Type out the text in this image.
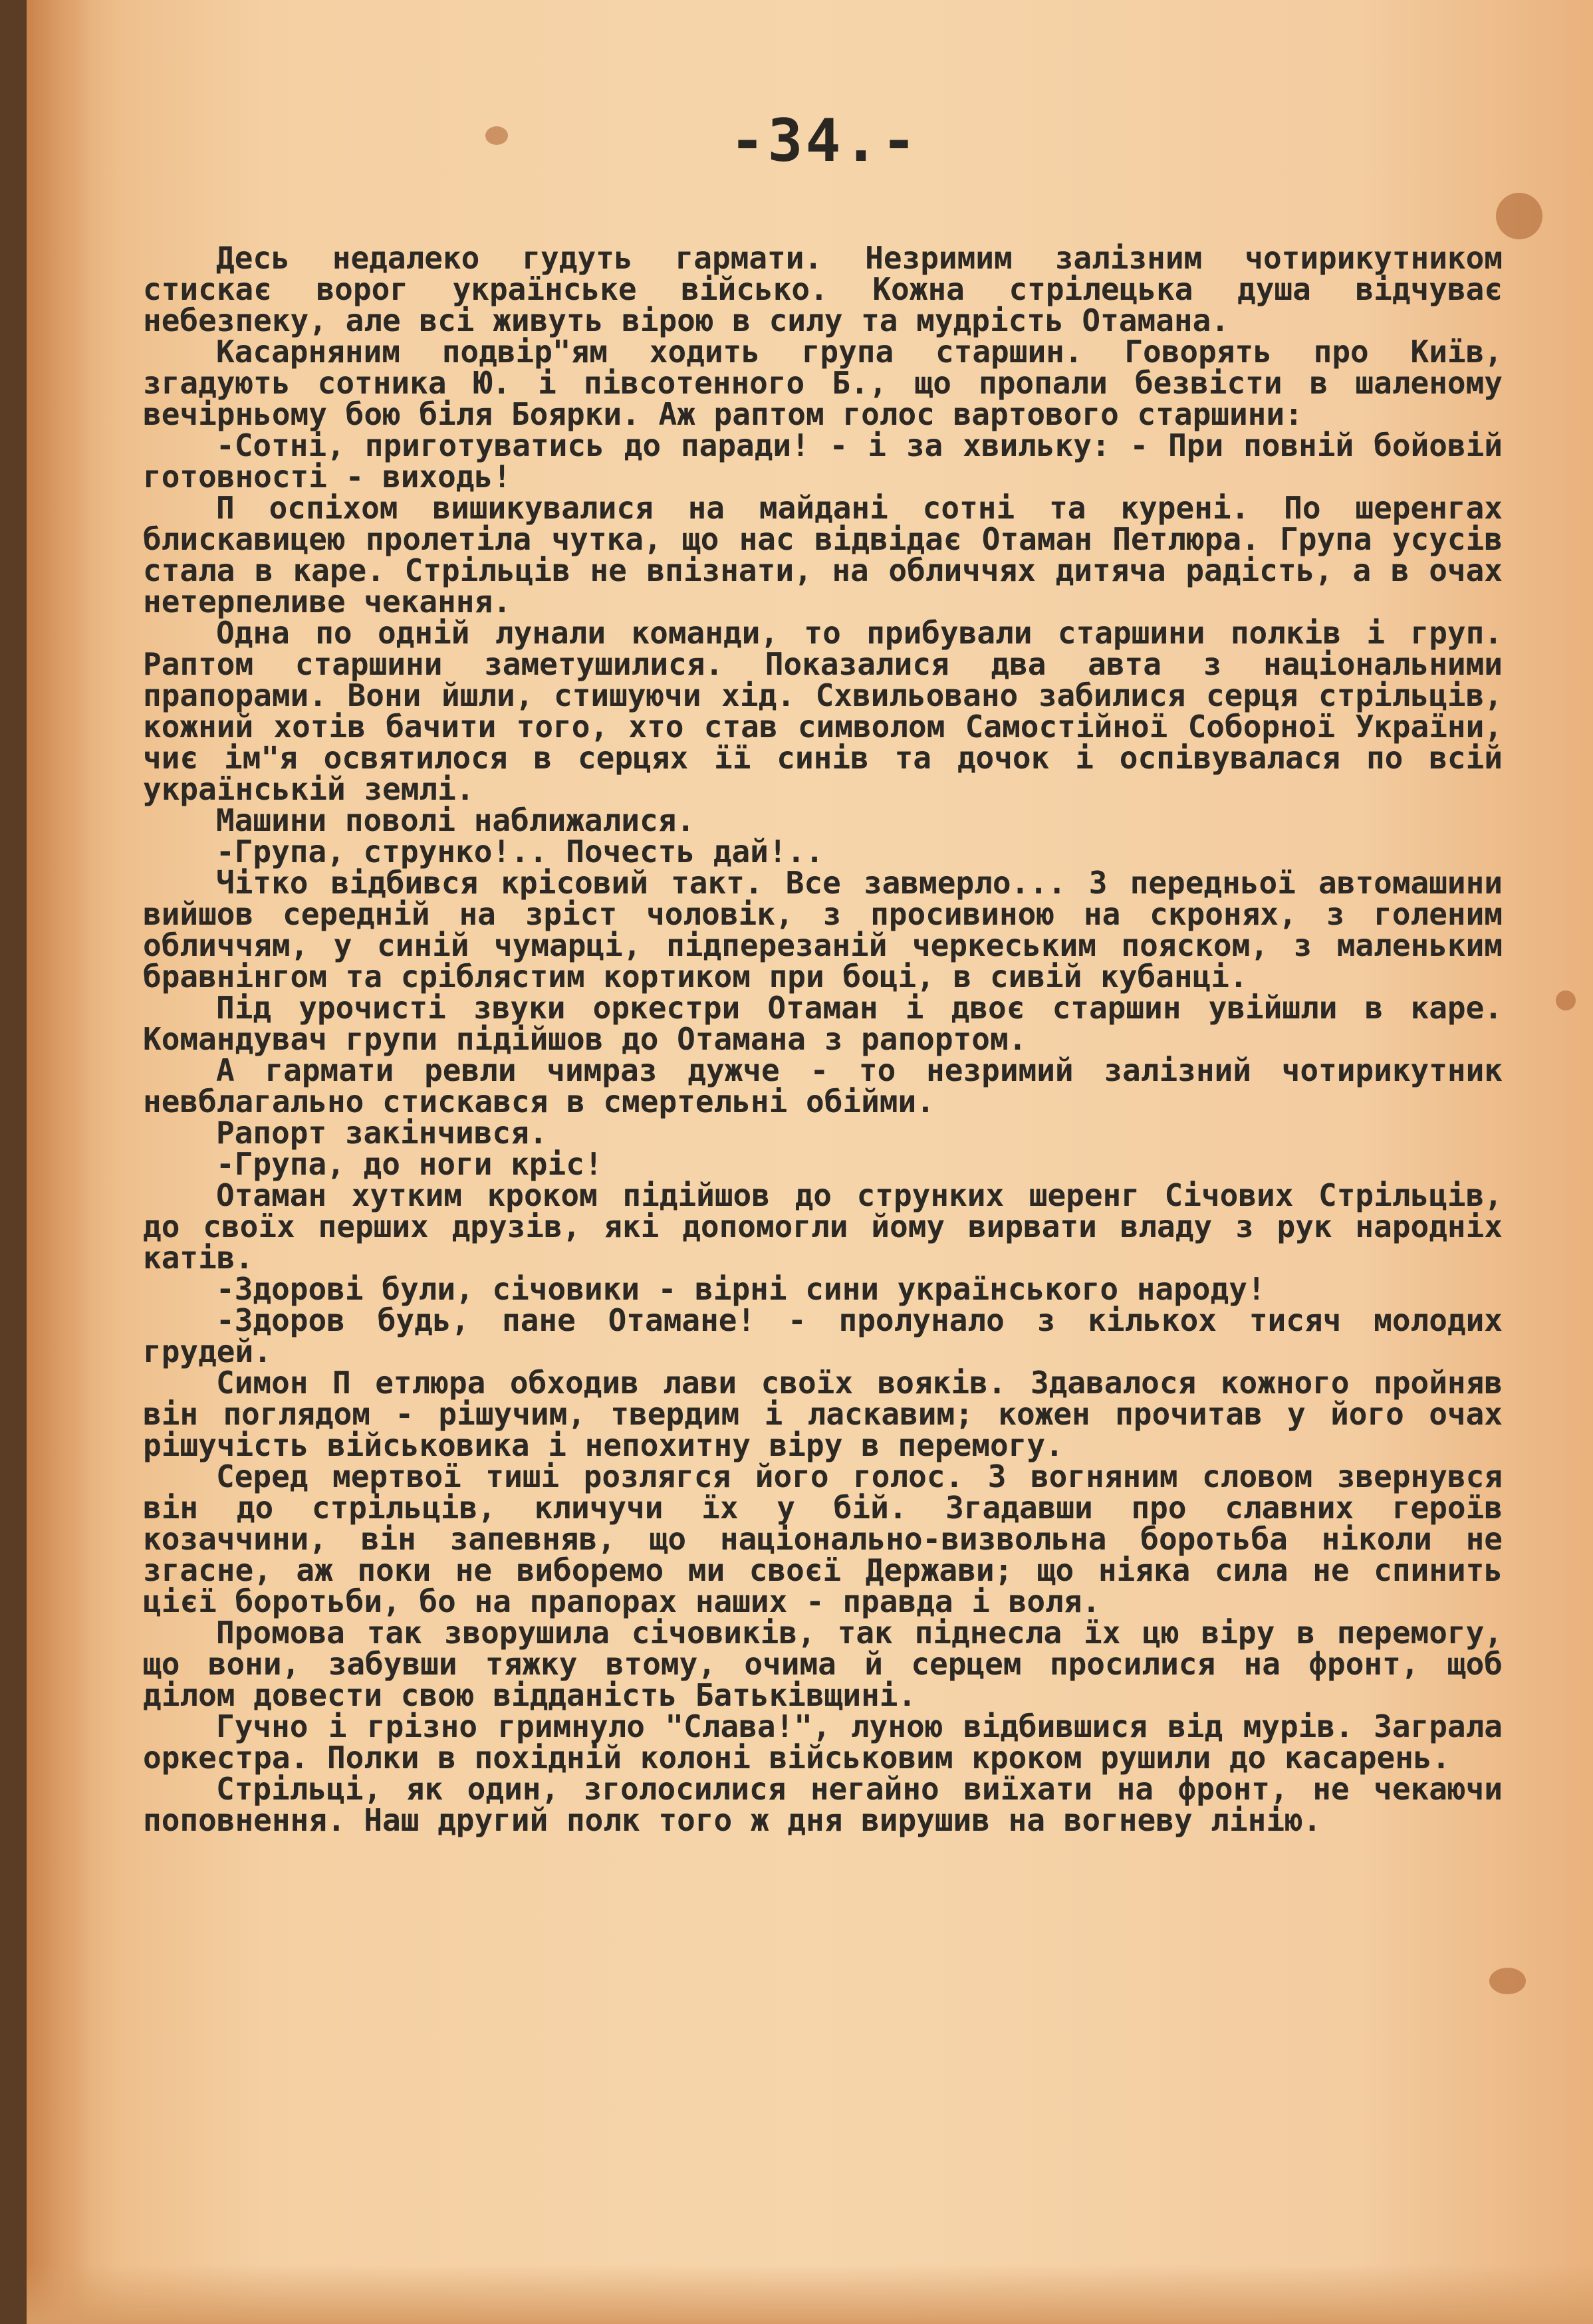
-34.-

Десь недалеко гудуть гармати. Незримим залізним чотирикутником стискає ворог українське військо. Кожна стрілецька душа відчуває небезпеку, але всі живуть вірою в силу та мудрість Отамана.

Касарняним подвір"ям ходить група старшин. Говорять про Київ, згадують сотника Ю. і півсотенного Б., що пропали безвісти в шаленому вечірньому бою біля Боярки. Аж раптом голос вартового старшини:

-Сотні, приготуватись до паради! - і за хвильку: - При повній бойовій готовності - виходь!

П оспіхом вишикувалися на майдані сотні та курені. По шеренгах блискавицею пролетіла чутка, що нас відвідає Отаман Петлюра. Група усусів стала в каре. Стрільців не впізнати, на обличчях дитяча радість, а в очах нетерпеливе чекання.

Одна по одній лунали команди, то прибували старшини полків і груп. Раптом старшини заметушилися. Показалися два авта з національними прапорами. Вони йшли, стишуючи хід. Схвильовано забилися серця стрільців, кожний хотів бачити того, хто став символом Самостійної Соборної України, чиє ім"я освятилося в серцях її синів та дочок і оспівувалася по всій українській землі.

Машини поволі наближалися.

-Група, струнко!.. Почесть дай!..

Чітко відбився крісовий такт. Все завмерло... З передньої автомашини вийшов середній на зріст чоловік, з просивиною на скронях, з голеним обличчям, у синій чумарці, підперезаній черкеським пояском, з маленьким бравнінгом та сріблястим кортиком при боці, в сивій кубанці.

Під урочисті звуки оркестри Отаман і двоє старшин увійшли в каре. Командувач групи підійшов до Отамана з рапортом.

А гармати ревли чимраз дужче - то незримий залізний чотирикутник невблагально стискався в смертельні обійми.

Рапорт закінчився.

-Група, до ноги кріс!

Отаман хутким кроком підійшов до струнких шеренг Січових Стрільців, до своїх перших друзів, які допомогли йому вирвати владу з рук народніх катів.

-Здорові були, січовики - вірні сини українського народу!

-Здоров будь, пане Отамане! - пролунало з кількох тисяч молодих грудей.

Симон П етлюра обходив лави своїх вояків. Здавалося кожного пройняв він поглядом - рішучим, твердим і ласкавим; кожен прочитав у його очах рішучість військовика і непохитну віру в перемогу.

Серед мертвої тиші розлягся його голос. З вогняним словом звернувся він до стрільців, кличучи їх у бій. Згадавши про славних героїв козаччини, він запевняв, що національно-визвольна боротьба ніколи не згасне, аж поки не виборемо ми своєї Держави; що ніяка сила не спинить цієї боротьби, бо на прапорах наших - правда і воля.

Промова так зворушила січовиків, так піднесла їх цю віру в перемогу, що вони, забувши тяжку втому, очима й серцем просилися на фронт, щоб ділом довести свою відданість Батьківщині.

Гучно і грізно гримнуло "Слава!", луною відбившися від мурів. Заграла оркестра. Полки в похідній колоні військовим кроком рушили до касарень.

Стрільці, як один, зголосилися негайно виїхати на фронт, не чекаючи поповнення. Наш другий полк того ж дня вирушив на вогневу лінію.
